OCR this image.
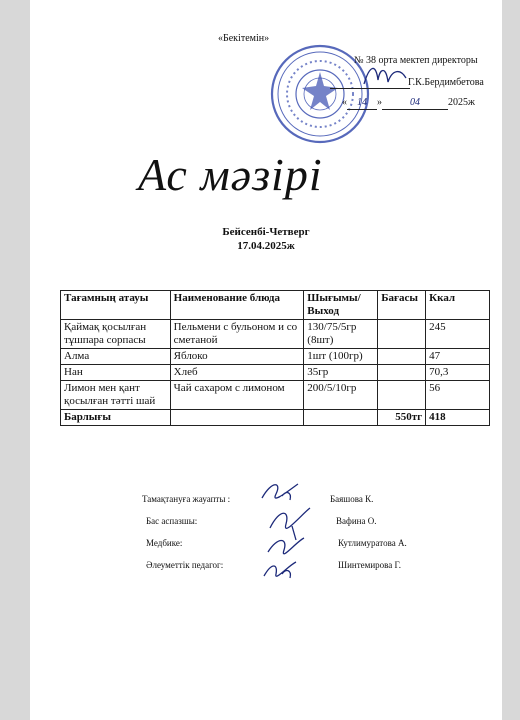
«Бекітемін»
№ 38 орта мектеп директоры
Г.К.Бердимбетова
« 14 »	04	2025ж
Ас мәзірі
Бейсенбі-Четверг
17.04.2025ж
Тағамның атауы	Наименование блюда	Шығымы/ Выход	Бағасы	Ккал
Қаймақ қосылған тұшпара сорпасы	Пельмени с бульоном и со сметаной	130/75/5гр (8шт)		245
Алма	Яблоко	1шт (100гр)		47
Нан	Хлеб	35гр		70,3
Лимон мен қант қосылған тәтті шай	Чай сахаром с лимоном	200/5/10гр		56
Барлығы			550тг	418
Тамақтануға жауапты :	Баяшова К.
Бас аспазшы:	Вафина О.
Медбике:	Кутлимуратова А.
Әлеуметтік педагог:	Шинтемирова Г.
